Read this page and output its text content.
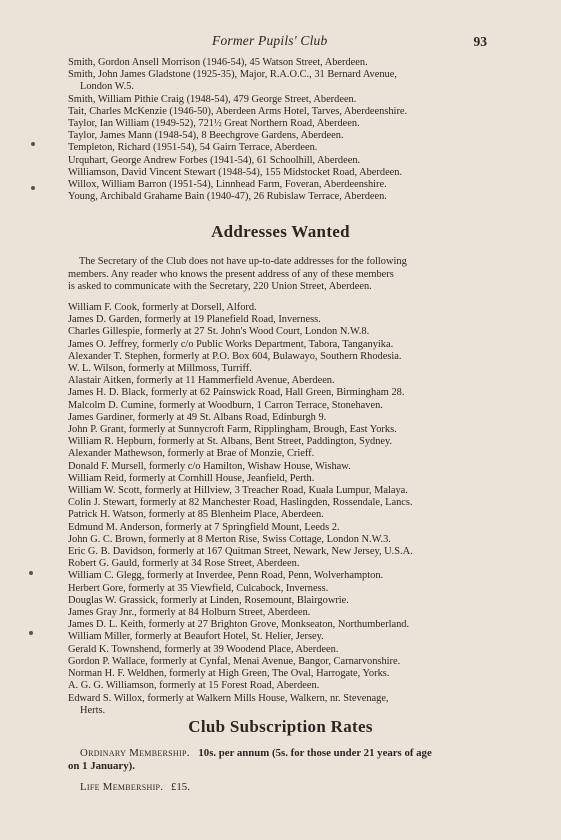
Former Pupils' Club	93
Smith, Gordon Ansell Morrison (1946-54), 45 Watson Street, Aberdeen.
Smith, John James Gladstone (1925-35), Major, R.A.O.C., 31 Bernard Avenue,
London W.5.
Smith, William Pithie Craig (1948-54), 479 George Street, Aberdeen.
Tait, Charles McKenzie (1946-50), Aberdeen Arms Hotel, Tarves, Aberdeenshire.
Taylor, Ian William (1949-52), 721½ Great Northern Road, Aberdeen.
Taylor, James Mann (1948-54), 8 Beechgrove Gardens, Aberdeen.
Templeton, Richard (1951-54), 54 Gairn Terrace, Aberdeen.
Urquhart, George Andrew Forbes (1941-54), 61 Schoolhill, Aberdeen.
Williamson, David Vincent Stewart (1948-54), 155 Midstocket Road, Aberdeen.
Willox, William Barron (1951-54), Linnhead Farm, Foveran, Aberdeenshire.
Young, Archibald Grahame Bain (1940-47), 26 Rubislaw Terrace, Aberdeen.
Addresses Wanted
The Secretary of the Club does not have up-to-date addresses for the following
members. Any reader who knows the present address of any of these members
is asked to communicate with the Secretary, 220 Union Street, Aberdeen.
William F. Cook, formerly at Dorsell, Alford.
James D. Garden, formerly at 19 Planefield Road, Inverness.
Charles Gillespie, formerly at 27 St. John's Wood Court, London N.W.8.
James O. Jeffrey, formerly c/o Public Works Department, Tabora, Tanganyika.
Alexander T. Stephen, formerly at P.O. Box 604, Bulawayo, Southern Rhodesia.
W. L. Wilson, formerly at Millmoss, Turriff.
Alastair Aitken, formerly at 11 Hammerfield Avenue, Aberdeen.
James H. D. Black, formerly at 62 Painswick Road, Hall Green, Birmingham 28.
Malcolm D. Cumine, formerly at Woodburn, 1 Carron Terrace, Stonehaven.
James Gardiner, formerly at 49 St. Albans Road, Edinburgh 9.
John P. Grant, formerly at Sunnycroft Farm, Ripplingham, Brough, East Yorks.
William R. Hepburn, formerly at St. Albans, Bent Street, Paddington, Sydney.
Alexander Mathewson, formerly at Brae of Monzie, Crieff.
Donald F. Mursell, formerly c/o Hamilton, Wishaw House, Wishaw.
William Reid, formerly at Cornhill House, Jeanfield, Perth.
William W. Scott, formerly at Hillview, 3 Treacher Road, Kuala Lumpur, Malaya.
Colin J. Stewart, formerly at 82 Manchester Road, Haslingden, Rossendale, Lancs.
Patrick H. Watson, formerly at 85 Blenheim Place, Aberdeen.
Edmund M. Anderson, formerly at 7 Springfield Mount, Leeds 2.
John G. C. Brown, formerly at 8 Merton Rise, Swiss Cottage, London N.W.3.
Eric G. B. Davidson, formerly at 167 Quitman Street, Newark, New Jersey, U.S.A.
Robert G. Gauld, formerly at 34 Rose Street, Aberdeen.
William C. Glegg, formerly at Inverdee, Penn Road, Penn, Wolverhampton.
Herbert Gore, formerly at 35 Viewfield, Culcabock, Inverness.
Douglas W. Grassick, formerly at Linden, Rosemount, Blairgowrie.
James Gray Jnr., formerly at 84 Holburn Street, Aberdeen.
James D. L. Keith, formerly at 27 Brighton Grove, Monkseaton, Northumberland.
William Miller, formerly at Beaufort Hotel, St. Helier, Jersey.
Gerald K. Townshend, formerly at 39 Woodend Place, Aberdeen.
Gordon P. Wallace, formerly at Cynfal, Menai Avenue, Bangor, Carnarvonshire.
Norman H. F. Weldhen, formerly at High Green, The Oval, Harrogate, Yorks.
A. G. G. Williamson, formerly at 15 Forest Road, Aberdeen.
Edward S. Willox, formerly at Walkern Mills House, Walkern, nr. Stevenage,
Herts.
Club Subscription Rates
Ordinary Membership. 10s. per annum (5s. for those under 21 years of age
on 1 January).
Life Membership. £15.
